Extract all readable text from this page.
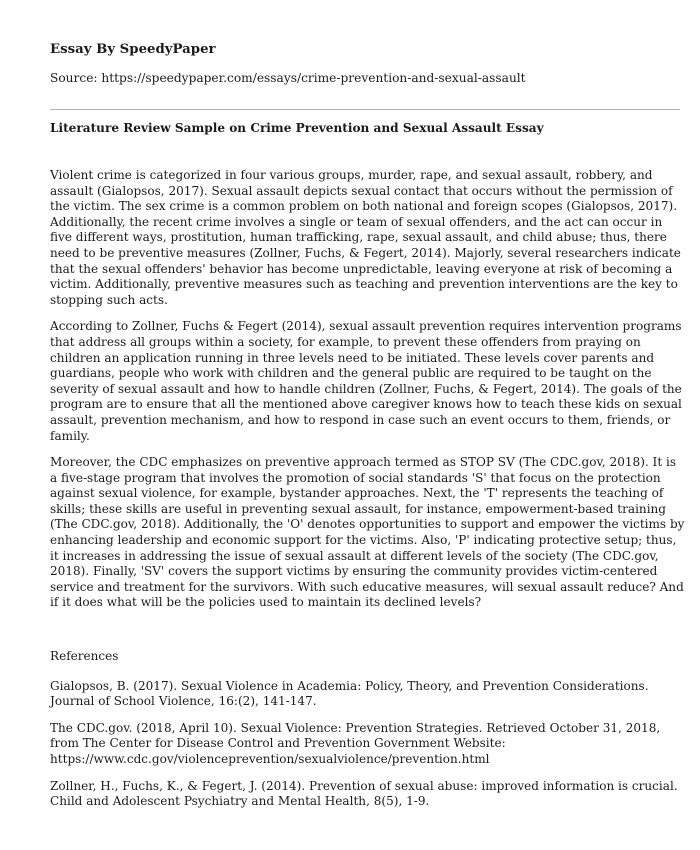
Essay By SpeedyPaper
Source: https://speedypaper.com/essays/crime-prevention-and-sexual-assault
Literature Review Sample on Crime Prevention and Sexual Assault Essay

Violent crime is categorized in four various groups, murder, rape, and sexual assault, robbery, and assault (Gialopsos, 2017). Sexual assault depicts sexual contact that occurs without the permission of the victim. The sex crime is a common problem on both national and foreign scopes (Gialopsos, 2017). Additionally, the recent crime involves a single or team of sexual offenders, and the act can occur in five different ways, prostitution, human trafficking, rape, sexual assault, and child abuse; thus, there need to be preventive measures (Zollner, Fuchs, & Fegert, 2014). Majorly, several researchers indicate that the sexual offenders' behavior has become unpredictable, leaving everyone at risk of becoming a victim. Additionally, preventive measures such as teaching and prevention interventions are the key to stopping such acts.

According to Zollner, Fuchs & Fegert (2014), sexual assault prevention requires intervention programs that address all groups within a society, for example, to prevent these offenders from praying on children an application running in three levels need to be initiated. These levels cover parents and guardians, people who work with children and the general public are required to be taught on the severity of sexual assault and how to handle children (Zollner, Fuchs, & Fegert, 2014). The goals of the program are to ensure that all the mentioned above caregiver knows how to teach these kids on sexual assault, prevention mechanism, and how to respond in case such an event occurs to them, friends, or family.

Moreover, the CDC emphasizes on preventive approach termed as STOP SV (The CDC.gov, 2018). It is a five-stage program that involves the promotion of social standards 'S' that focus on the protection against sexual violence, for example, bystander approaches. Next, the 'T' represents the teaching of skills; these skills are useful in preventing sexual assault, for instance, empowerment-based training (The CDC.gov, 2018). Additionally, the 'O' denotes opportunities to support and empower the victims by enhancing leadership and economic support for the victims. Also, 'P' indicating protective setup; thus, it increases in addressing the issue of sexual assault at different levels of the society (The CDC.gov, 2018). Finally, 'SV' covers the support victims by ensuring the community provides victim-centered service and treatment for the survivors. With such educative measures, will sexual assault reduce? And if it does what will be the policies used to maintain its declined levels?

References

Gialopsos, B. (2017). Sexual Violence in Academia: Policy, Theory, and Prevention Considerations. Journal of School Violence, 16:(2), 141-147.

The CDC.gov. (2018, April 10). Sexual Violence: Prevention Strategies. Retrieved October 31, 2018, from The Center for Disease Control and Prevention Government Website: https://www.cdc.gov/violenceprevention/sexualviolence/prevention.html

Zollner, H., Fuchs, K., & Fegert, J. (2014). Prevention of sexual abuse: improved information is crucial. Child and Adolescent Psychiatry and Mental Health, 8(5), 1-9.
